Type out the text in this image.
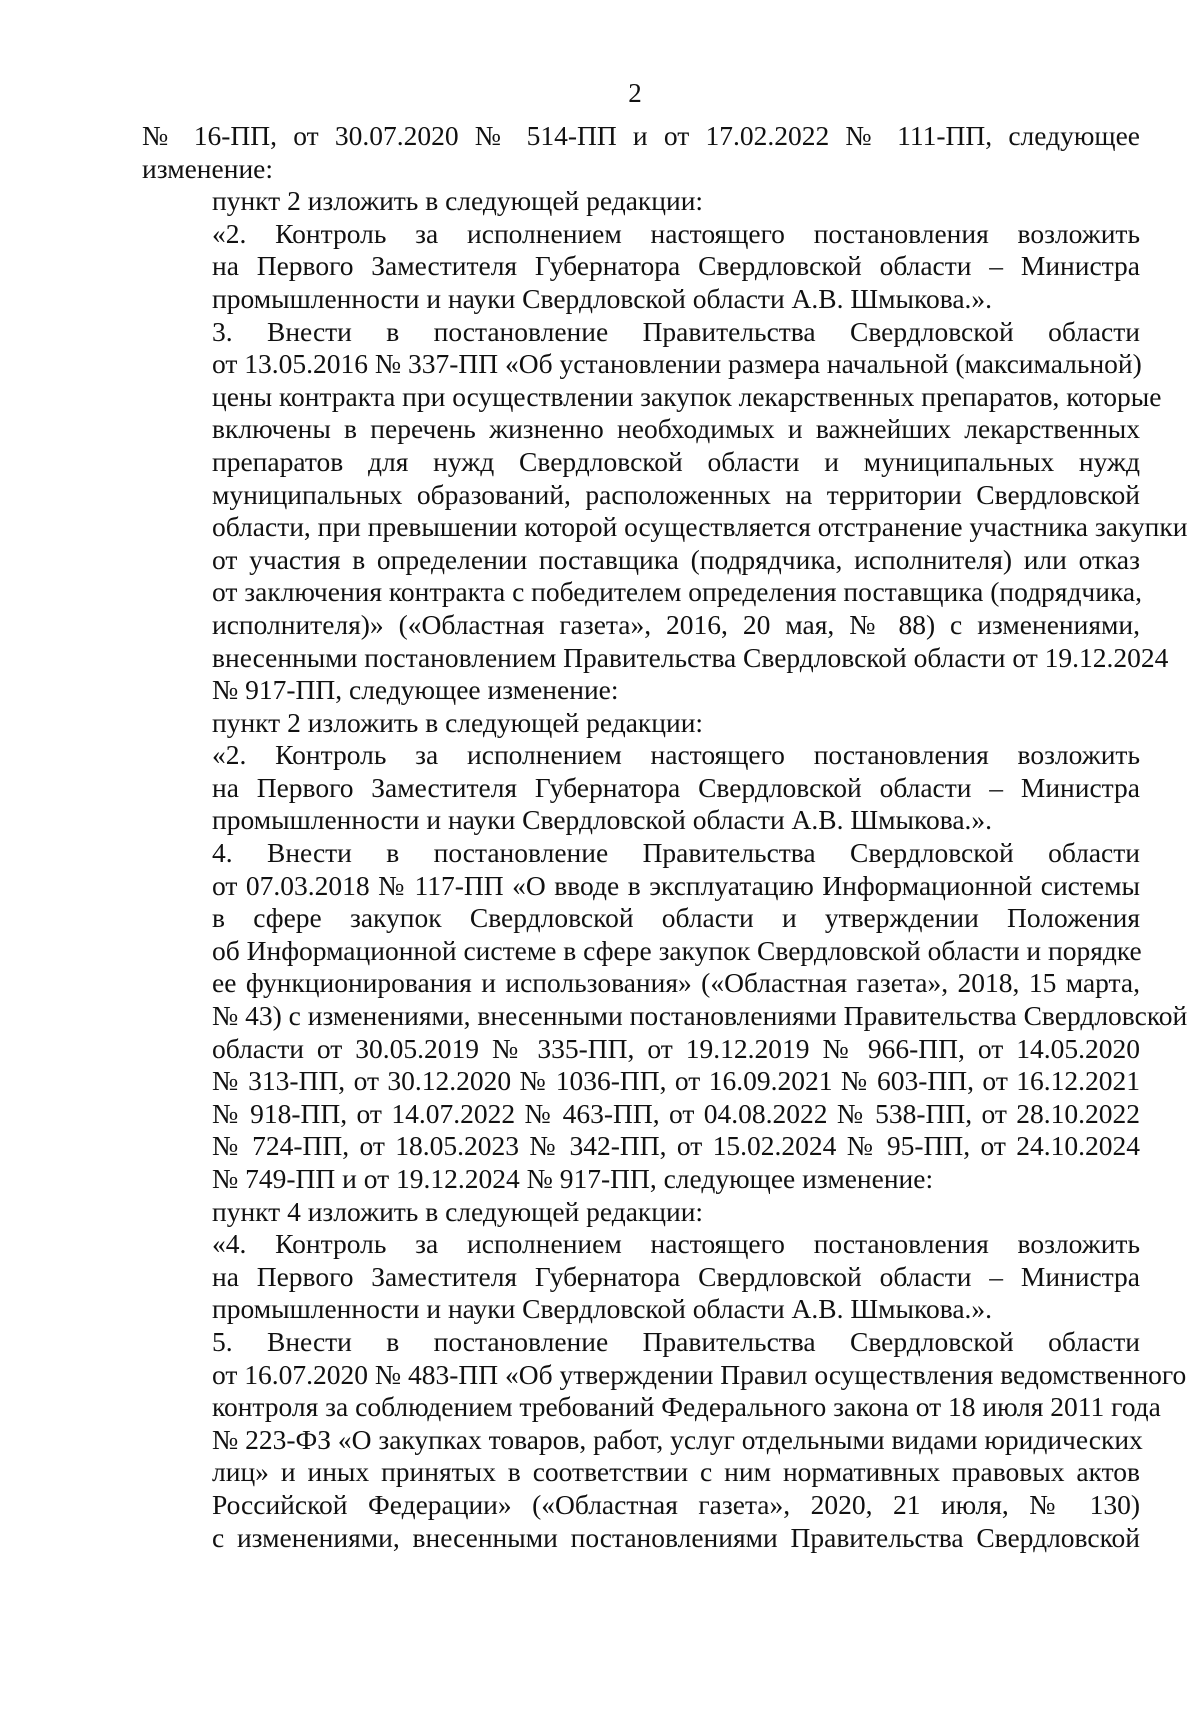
2

№ 16-ПП, от 30.07.2020 № 514-ПП и от 17.02.2022 № 111-ПП, следующее
изменение:

пункт 2 изложить в следующей редакции:

«2. Контроль за исполнением настоящего постановления возложить
на Первого Заместителя Губернатора Свердловской области – Министра
промышленности и науки Свердловской области А.В. Шмыкова.».

3. Внести в постановление Правительства Свердловской области
от 13.05.2016 № 337-ПП «Об установлении размера начальной (максимальной)
цены контракта при осуществлении закупок лекарственных препаратов, которые
включены в перечень жизненно необходимых и важнейших лекарственных
препаратов для нужд Свердловской области и муниципальных нужд
муниципальных образований, расположенных на территории Свердловской
области, при превышении которой осуществляется отстранение участника закупки
от участия в определении поставщика (подрядчика, исполнителя) или отказ
от заключения контракта с победителем определения поставщика (подрядчика,
исполнителя)» («Областная газета», 2016, 20 мая, № 88) с изменениями,
внесенными постановлением Правительства Свердловской области от 19.12.2024
№ 917-ПП, следующее изменение:

пункт 2 изложить в следующей редакции:

«2. Контроль за исполнением настоящего постановления возложить
на Первого Заместителя Губернатора Свердловской области – Министра
промышленности и науки Свердловской области А.В. Шмыкова.».

4. Внести в постановление Правительства Свердловской области
от 07.03.2018 № 117-ПП «О вводе в эксплуатацию Информационной системы
в сфере закупок Свердловской области и утверждении Положения
об Информационной системе в сфере закупок Свердловской области и порядке
ее функционирования и использования» («Областная газета», 2018, 15 марта,
№ 43) с изменениями, внесенными постановлениями Правительства Свердловской
области от 30.05.2019 № 335-ПП, от 19.12.2019 № 966-ПП, от 14.05.2020
№ 313-ПП, от 30.12.2020 № 1036-ПП, от 16.09.2021 № 603-ПП, от 16.12.2021
№ 918-ПП, от 14.07.2022 № 463-ПП, от 04.08.2022 № 538-ПП, от 28.10.2022
№ 724-ПП, от 18.05.2023 № 342-ПП, от 15.02.2024 № 95-ПП, от 24.10.2024
№ 749-ПП и от 19.12.2024 № 917-ПП, следующее изменение:

пункт 4 изложить в следующей редакции:

«4. Контроль за исполнением настоящего постановления возложить
на Первого Заместителя Губернатора Свердловской области – Министра
промышленности и науки Свердловской области А.В. Шмыкова.».

5. Внести в постановление Правительства Свердловской области
от 16.07.2020 № 483-ПП «Об утверждении Правил осуществления ведомственного
контроля за соблюдением требований Федерального закона от 18 июля 2011 года
№ 223-ФЗ «О закупках товаров, работ, услуг отдельными видами юридических
лиц» и иных принятых в соответствии с ним нормативных правовых актов
Российской Федерации» («Областная газета», 2020, 21 июля, № 130)
с изменениями, внесенными постановлениями Правительства Свердловской
